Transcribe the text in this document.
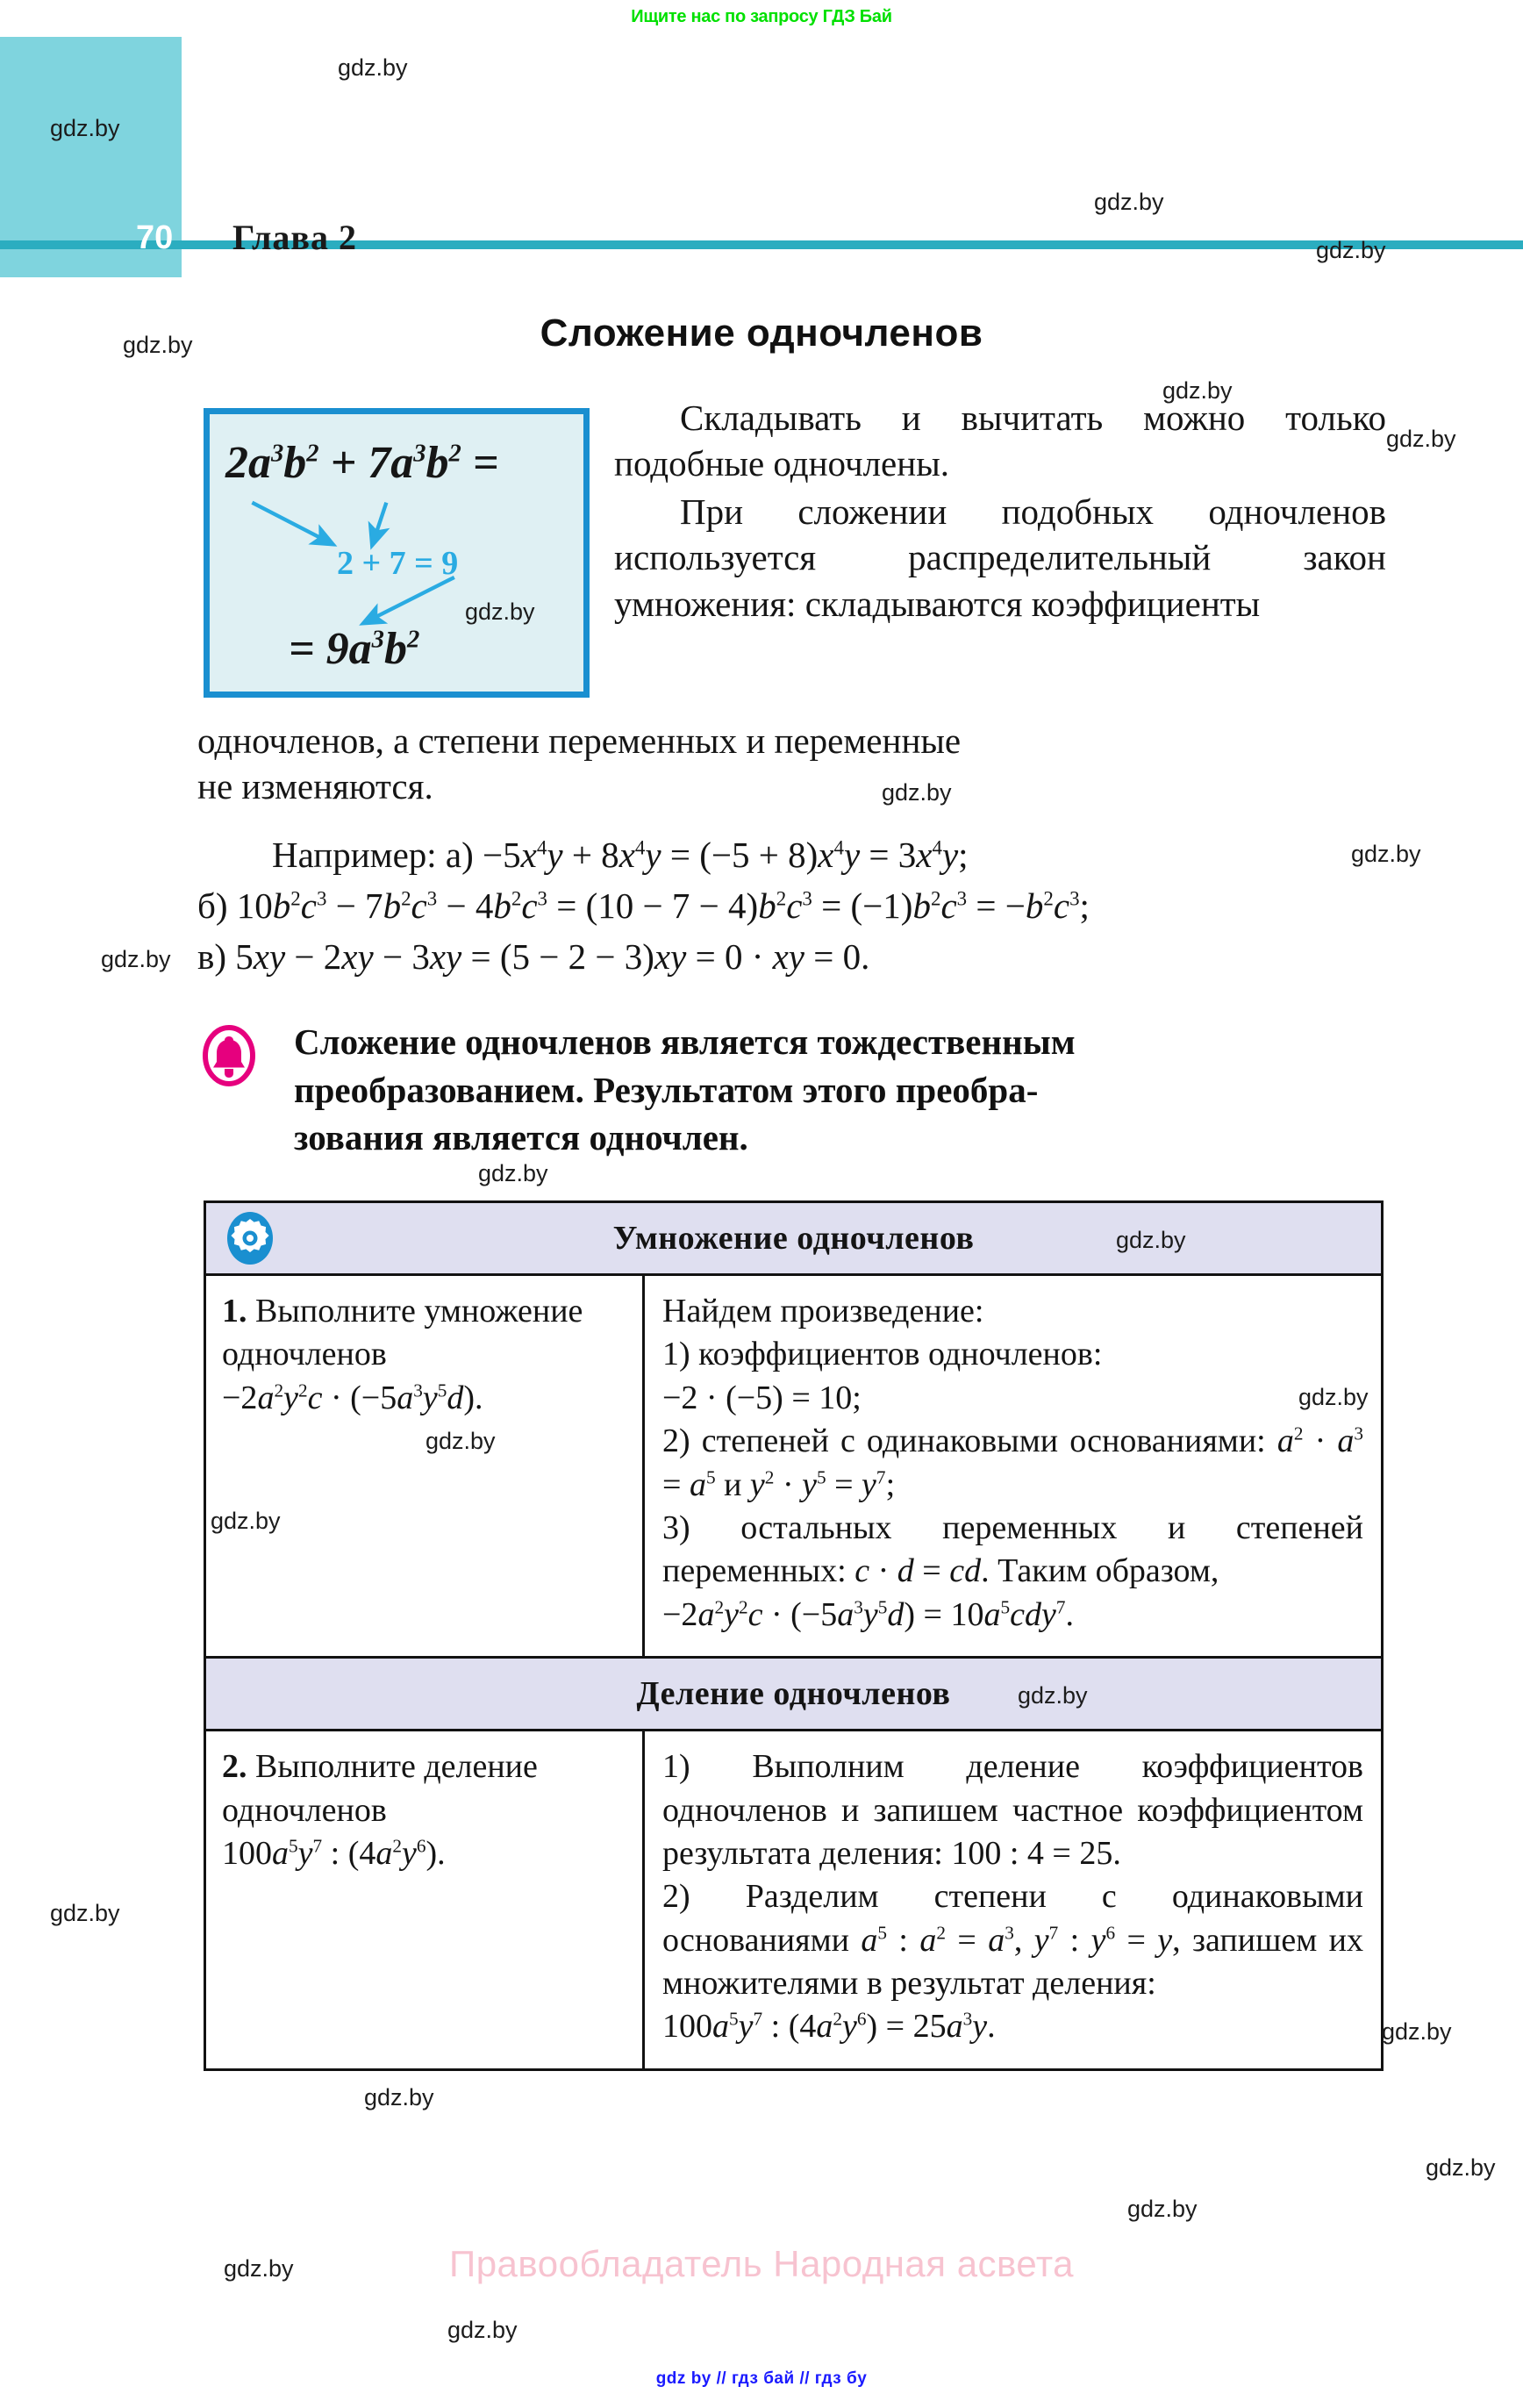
Ищите нас по запросу ГДЗ Бай
70 Глава 2
Сложение одночленов
$2a^3b^2 + 7a^3b^2$ =
2 + 7 = 9
= $9a^3b^2$

Складывать и вычитать можно только подобные одночлены.

При сложении подобных одночленов используется распределительный закон умножения: складываются коэффициенты

одночленов, а степени переменных и переменные

не изменяются.

Например: $а) -5x^4y + 8x^4y = (-5 + 8)x^4y = 3x^4y$;
б) $10b^2c^3 - 7b^2c^3 - 4b^2c^3 = (10 - 7 - 4)b^2c^3 = (-1)b^2c^3 = -b^2c^3$;
в) 5xy − 2xy − 3xy = (5 − 2 − 3)xy = 0 · xy = 0.
Сложение одночленов является тождественным
преобразованием. Результатом этого преобра-
зования является одночлен.
Умножение одночленов
1. Выполните умножение одночленов
$-2a^2y^2c \cdot (-5a^3y^5d)$.
Найдем произведение:
1) коэффициентов одночленов:
−2 · (−5) = 10;
2) степеней с одинаковыми основаниями: $a^2 \cdot a^3 = a^5$ и $y^2 \cdot y^5 = y^7$;
3) остальных переменных и степеней переменных: c · d = cd. Таким образом,
$-2a^2y^2c \cdot (-5a^3y^5d) = 10a^5cdy^7$.
Деление одночленов
2. Выполните деление одночленов
$100a^5y^7$ : $(4a^2y^6)$.
1) Выполним деление коэффициентов одночленов и запишем частное коэффициентом результата деления: 100 : 4 = 25.
2) Разделим степени с одинаковыми основаниями $a^5$ : $a^2 = a^3$, $y^7$ : $y^6 = y$, запишем их множителями в результат деления:
$100a^5y^7$ : $(4a^2y^6) = 25a^3y$.
Правообладатель Народная асвета
gdz by // гдз бай // гдз бy
gdz.by
gdz.by
gdz.by
gdz.by
gdz.by
gdz.by
gdz.by
gdz.by
gdz.by
gdz.by
gdz.by
gdz.by
gdz.by
gdz.by
gdz.by
gdz.by
gdz.by
gdz.by
gdz.by
gdz.by
gdz.by
gdz.by
gdz.by
gdz.by
